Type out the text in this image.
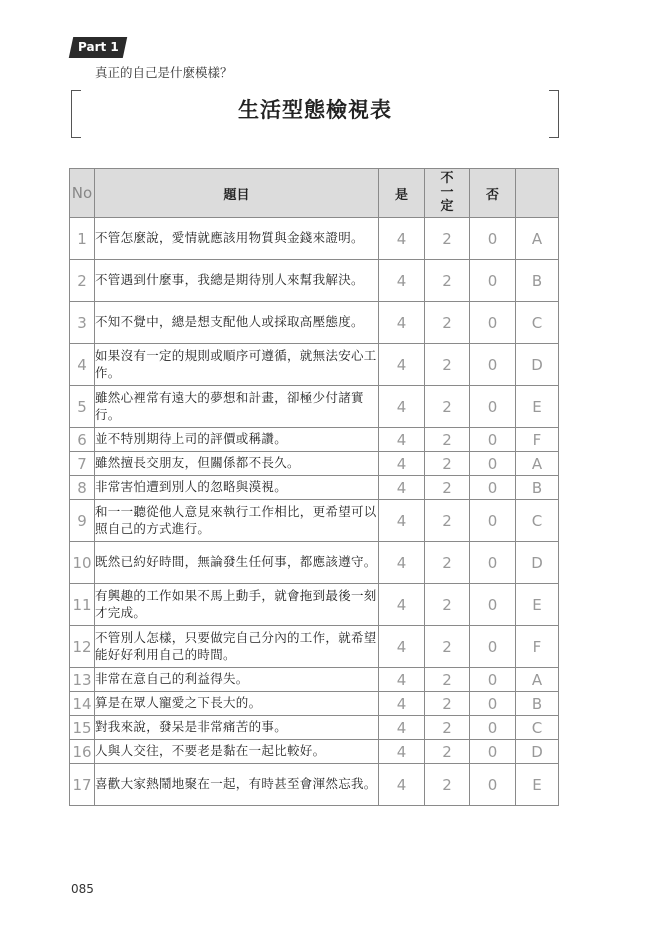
Part 1
真正的自己是什麼模樣？
生活型態檢視表
No	題目	是	不一定	否	
1	不管怎麼說，愛情就應該用物質與金錢來證明。	4	2	0	A
2	不管遇到什麼事，我總是期待別人來幫我解決。	4	2	0	B
3	不知不覺中，總是想支配他人或採取高壓態度。	4	2	0	C
4	如果沒有一定的規則或順序可遵循，就無法安心工作。	4	2	0	D
5	雖然心裡常有遠大的夢想和計畫，卻極少付諸實行。	4	2	0	E
6	並不特別期待上司的評價或稱讚。	4	2	0	F
7	雖然擅長交朋友，但關係都不長久。	4	2	0	A
8	非常害怕遭到別人的忽略與漠視。	4	2	0	B
9	和一一聽從他人意見來執行工作相比，更希望可以照自己的方式進行。	4	2	0	C
10	既然已約好時間，無論發生任何事，都應該遵守。	4	2	0	D
11	有興趣的工作如果不馬上動手，就會拖到最後一刻才完成。	4	2	0	E
12	不管別人怎樣，只要做完自己分內的工作，就希望能好好利用自己的時間。	4	2	0	F
13	非常在意自己的利益得失。	4	2	0	A
14	算是在眾人寵愛之下長大的。	4	2	0	B
15	對我來說，發呆是非常痛苦的事。	4	2	0	C
16	人與人交往，不要老是黏在一起比較好。	4	2	0	D
17	喜歡大家熱鬧地聚在一起，有時甚至會渾然忘我。	4	2	0	E
085
